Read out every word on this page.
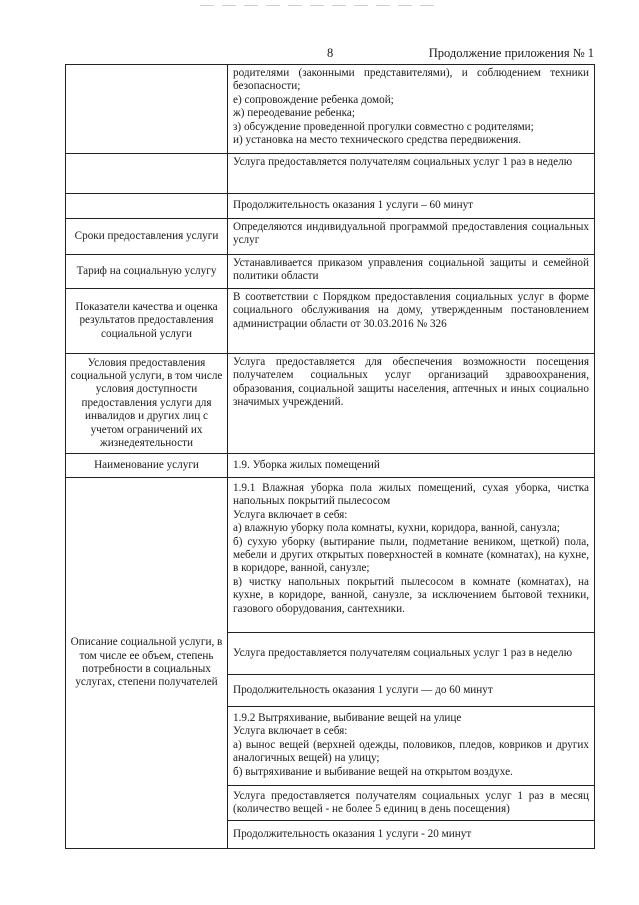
8	Продолжение приложения № 1

	родителями (законными представителями), и соблюдением техники безопасности;

е) сопровождение ребенка домой;

ж) переодевание ребенка;

з) обсуждение проведенной прогулки совместно с родителями;

и) установка на место технического средства передвижения.

	Услуга предоставляется получателям социальных услуг 1 раз в неделю

	Продолжительность оказания 1 услуги – 60 минут

Сроки предоставления услуги	Определяются индивидуальной программой предоставления социальных услуг

Тариф на социальную услугу	Устанавливается приказом управления социальной защиты и семейной политики области

Показатели качества и оценка результатов предоставления социальной услуги	В соответствии с Порядком предоставления социальных услуг в форме социального обслуживания на дому, утвержденным постановлением администрации области от 30.03.2016 № 326

Условия предоставления социальной услуги, в том числе условия доступности предоставления услуги для инвалидов и других лиц с учетом ограничений их жизнедеятельности	Услуга предоставляется для обеспечения возможности посещения получателем социальных услуг организаций здравоохранения, образования, социальной защиты населения, аптечных и иных социально значимых учреждений.

Наименование услуги	1.9. Уборка жилых помещений

Описание социальной услуги, в том числе ее объем, степень потребности в социальных услугах, степени получателей	1.9.1 Влажная уборка пола жилых помещений, сухая уборка, чистка напольных покрытий пылесосом

Услуга включает в себя:

а) влажную уборку пола комнаты, кухни, коридора, ванной, санузла;

б) сухую уборку (вытирание пыли, подметание веником, щеткой) пола, мебели и других открытых поверхностей в комнате (комнатах), на кухне, в коридоре, ванной, санузле;

в) чистку напольных покрытий пылесосом в комнате (комнатах), на кухне, в коридоре, ванной, санузле, за исключением бытовой техники, газового оборудования, сантехники.

	Услуга предоставляется получателям социальных услуг 1 раз в неделю

	Продолжительность оказания 1 услуги — до 60 минут

	1.9.2 Вытряхивание, выбивание вещей на улице

Услуга включает в себя:

а) вынос вещей (верхней одежды, половиков, пледов, ковриков и других аналогичных вещей) на улицу;

б) вытряхивание и выбивание вещей на открытом воздухе.

	Услуга предоставляется получателям социальных услуг 1 раз в месяц (количество вещей - не более 5 единиц в день посещения)

	Продолжительность оказания 1 услуги - 20 минут
